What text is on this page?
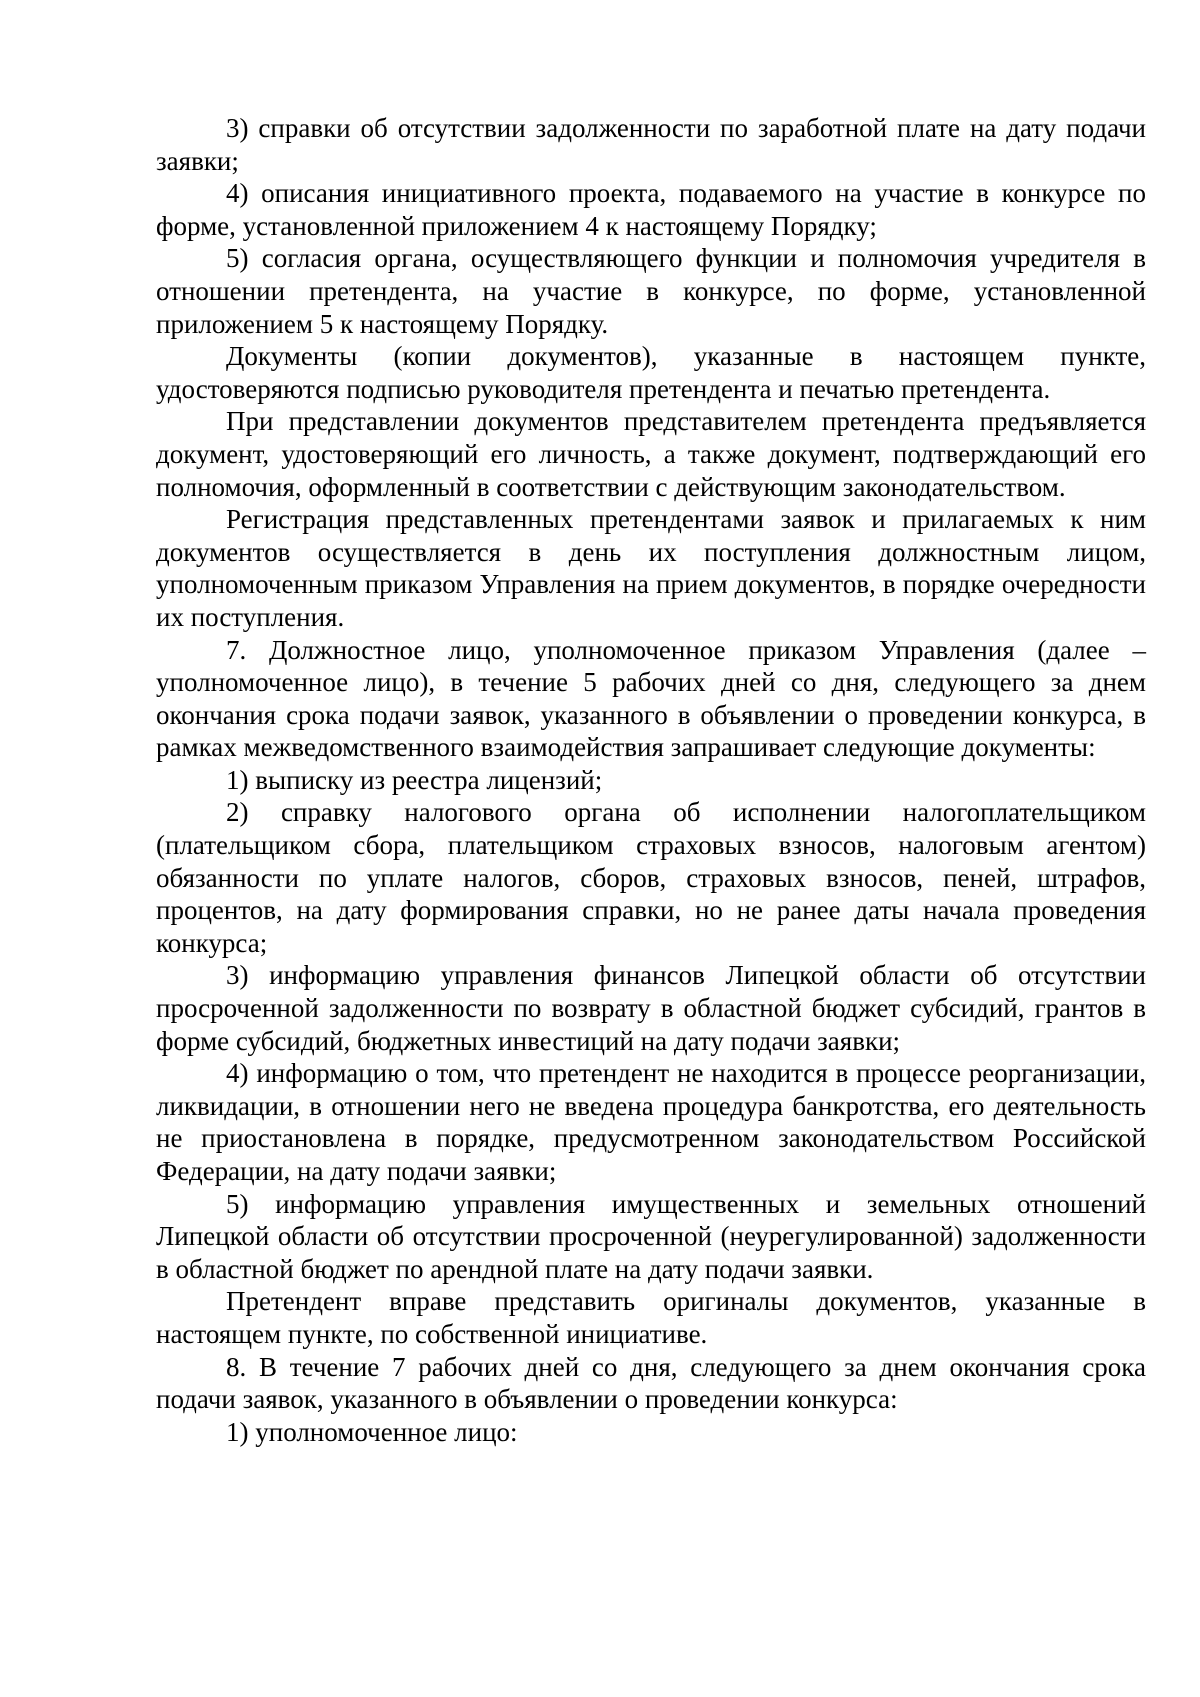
3) справки об отсутствии задолженности по заработной плате на дату подачи заявки;

4) описания инициативного проекта, подаваемого на участие в конкурсе по форме, установленной приложением 4 к настоящему Порядку;

5) согласия органа, осуществляющего функции и полномочия учредителя в отношении претендента, на участие в конкурсе, по форме, установленной приложением 5 к настоящему Порядку.

Документы (копии документов), указанные в настоящем пункте, удостоверяются подписью руководителя претендента и печатью претендента.

При представлении документов представителем претендента предъявляется документ, удостоверяющий его личность, а также документ, подтверждающий его полномочия, оформленный в соответствии с действующим законодательством.

Регистрация представленных претендентами заявок и прилагаемых к ним документов осуществляется в день их поступления должностным лицом, уполномоченным приказом Управления на прием документов, в порядке очередности их поступления.

7. Должностное лицо, уполномоченное приказом Управления (далее – уполномоченное лицо), в течение 5 рабочих дней со дня, следующего за днем окончания срока подачи заявок, указанного в объявлении о проведении конкурса, в рамках межведомственного взаимодействия запрашивает следующие документы:

1) выписку из реестра лицензий;

2) справку налогового органа об исполнении налогоплательщиком (плательщиком сбора, плательщиком страховых взносов, налоговым агентом) обязанности по уплате налогов, сборов, страховых взносов, пеней, штрафов, процентов, на дату формирования справки, но не ранее даты начала проведения конкурса;

3) информацию управления финансов Липецкой области об отсутствии просроченной задолженности по возврату в областной бюджет субсидий, грантов в форме субсидий, бюджетных инвестиций на дату подачи заявки;

4) информацию о том, что претендент не находится в процессе реорганизации, ликвидации, в отношении него не введена процедура банкротства, его деятельность не приостановлена в порядке, предусмотренном законодательством Российской Федерации, на дату подачи заявки;

5) информацию управления имущественных и земельных отношений Липецкой области об отсутствии просроченной (неурегулированной) задолженности в областной бюджет по арендной плате на дату подачи заявки.

Претендент вправе представить оригиналы документов, указанные в настоящем пункте, по собственной инициативе.

8. В течение 7 рабочих дней со дня, следующего за днем окончания срока подачи заявок, указанного в объявлении о проведении конкурса:

1) уполномоченное лицо:
